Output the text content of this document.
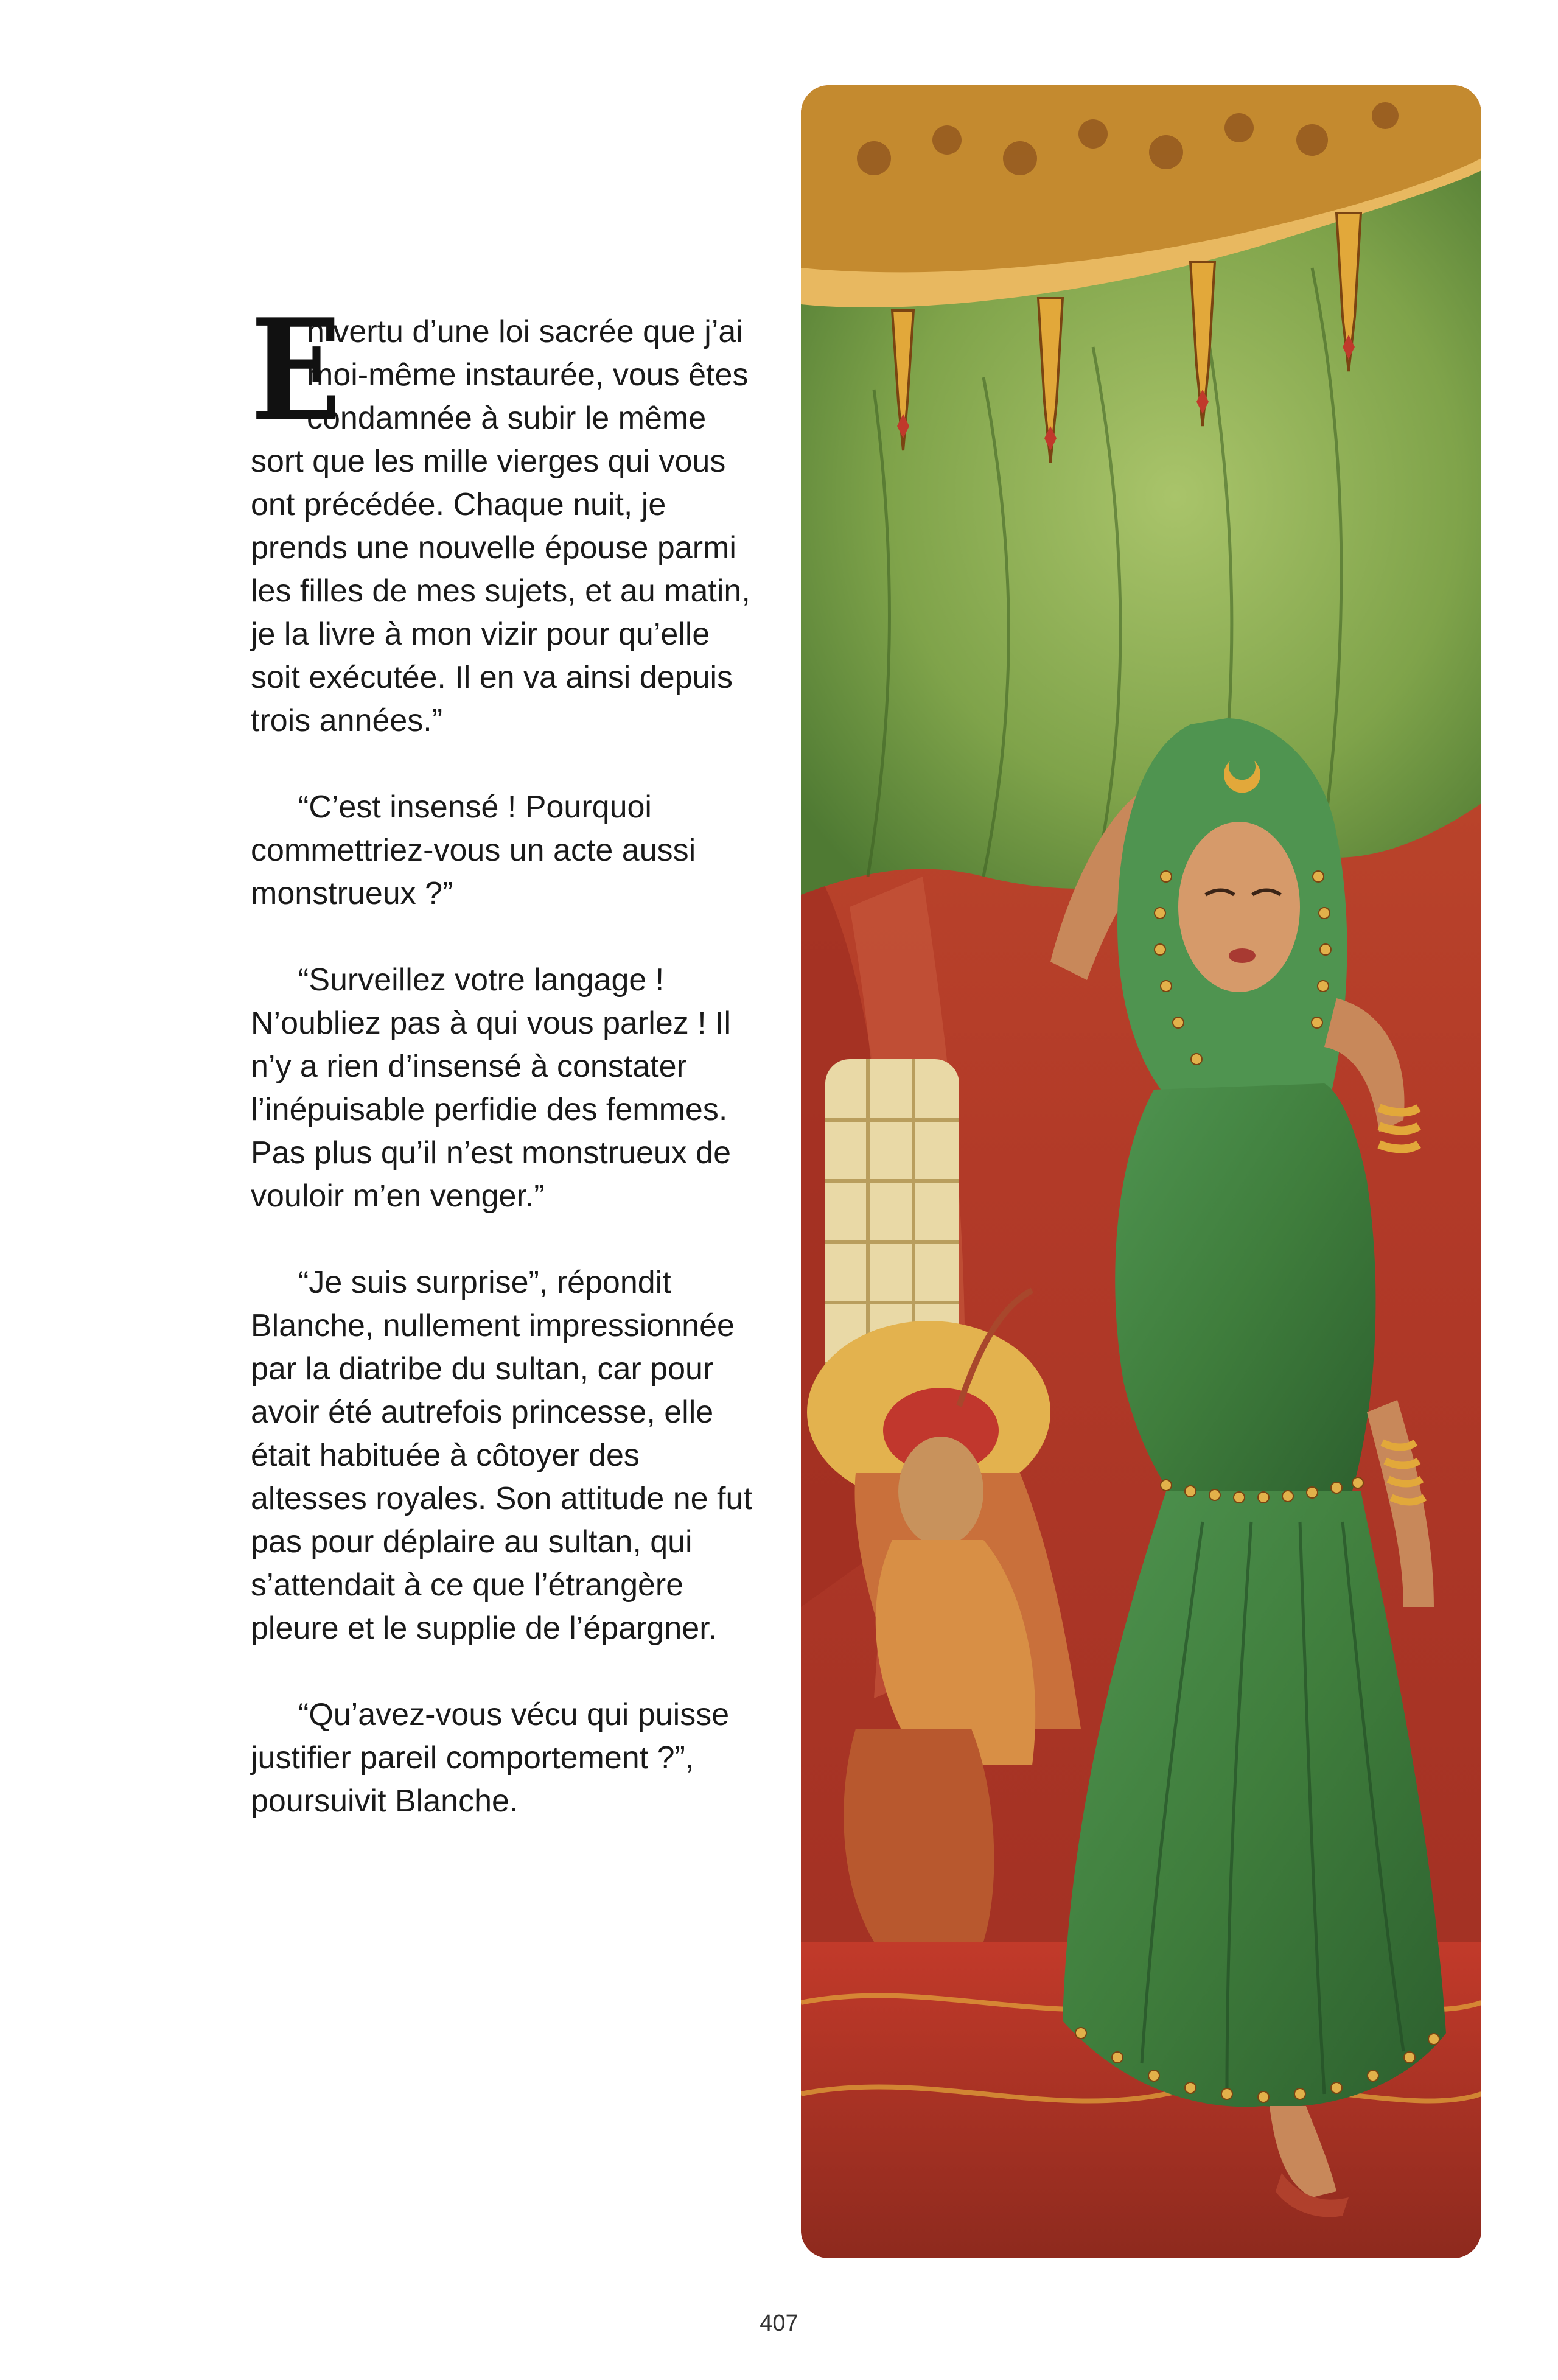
E
n vertu d’une loi sacrée que j’ai moi-même instaurée, vous êtes condamnée à subir le même sort que les mille vierges qui vous ont précédée. Chaque nuit, je prends une nouvelle épouse parmi les filles de mes sujets, et au matin, je la livre à mon vizir pour qu’elle soit exécutée. Il en va ainsi depuis trois années.”

“C’est insensé ! Pourquoi commettriez-vous un acte aussi monstrueux ?”

“Surveillez votre langage ! N’oubliez pas à qui vous parlez ! Il n’y a rien d’insensé à constater l’inépuisable perfidie des femmes. Pas plus qu’il n’est monstrueux de vouloir m’en venger.”

“Je suis surprise”, répondit Blanche, nullement impressionnée par la diatribe du sultan, car pour avoir été autrefois princesse, elle était habituée à côtoyer des altesses royales. Son attitude ne fut pas pour déplaire au sultan, qui s’attendait à ce que l’étrangère pleure et le supplie de l’épargner.

“Qu’avez-vous vécu qui puisse justifier pareil comportement ?”, poursuivit Blanche.

407
